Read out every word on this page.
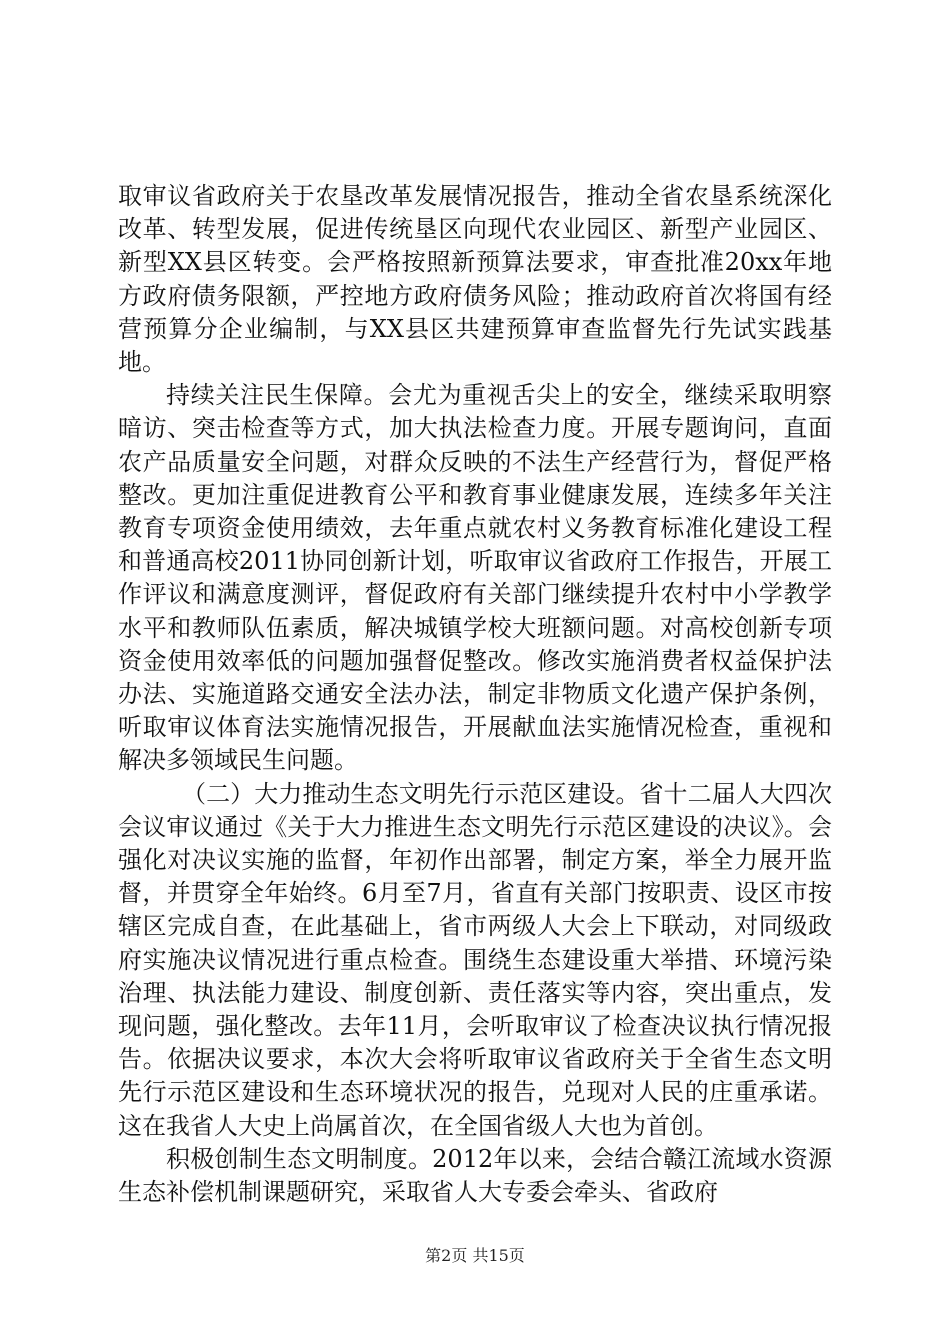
取审议省政府关于农垦改革发展情况报告，推动全省农垦系统深化改革、转型发展，促进传统垦区向现代农业园区、新型产业园区、新型XX县区转变。会严格按照新预算法要求，审查批准20xx年地方政府债务限额，严控地方政府债务风险；推动政府首次将国有经营预算分企业编制，与XX县区共建预算审查监督先行先试实践基地。

持续关注民生保障。会尤为重视舌尖上的安全，继续采取明察暗访、突击检查等方式，加大执法检查力度。开展专题询问，直面农产品质量安全问题，对群众反映的不法生产经营行为，督促严格整改。更加注重促进教育公平和教育事业健康发展，连续多年关注教育专项资金使用绩效，去年重点就农村义务教育标准化建设工程和普通高校2011协同创新计划，听取审议省政府工作报告，开展工作评议和满意度测评，督促政府有关部门继续提升农村中小学教学水平和教师队伍素质，解决城镇学校大班额问题。对高校创新专项资金使用效率低的问题加强督促整改。修改实施消费者权益保护法办法、实施道路交通安全法办法，制定非物质文化遗产保护条例，听取审议体育法实施情况报告，开展献血法实施情况检查，重视和解决多领域民生问题。

（二）大力推动生态文明先行示范区建设。省十二届人大四次会议审议通过《关于大力推进生态文明先行示范区建设的决议》。会强化对决议实施的监督，年初作出部署，制定方案，举全力展开监督，并贯穿全年始终。6月至7月，省直有关部门按职责、设区市按辖区完成自查，在此基础上，省市两级人大会上下联动，对同级政府实施决议情况进行重点检查。围绕生态建设重大举措、环境污染治理、执法能力建设、制度创新、责任落实等内容，突出重点，发现问题，强化整改。去年11月，会听取审议了检查决议执行情况报告。依据决议要求，本次大会将听取审议省政府关于全省生态文明先行示范区建设和生态环境状况的报告，兑现对人民的庄重承诺。这在我省人大史上尚属首次，在全国省级人大也为首创。

积极创制生态文明制度。2012年以来，会结合赣江流域水资源生态补偿机制课题研究，采取省人大专委会牵头、省政府

第2页 共15页
